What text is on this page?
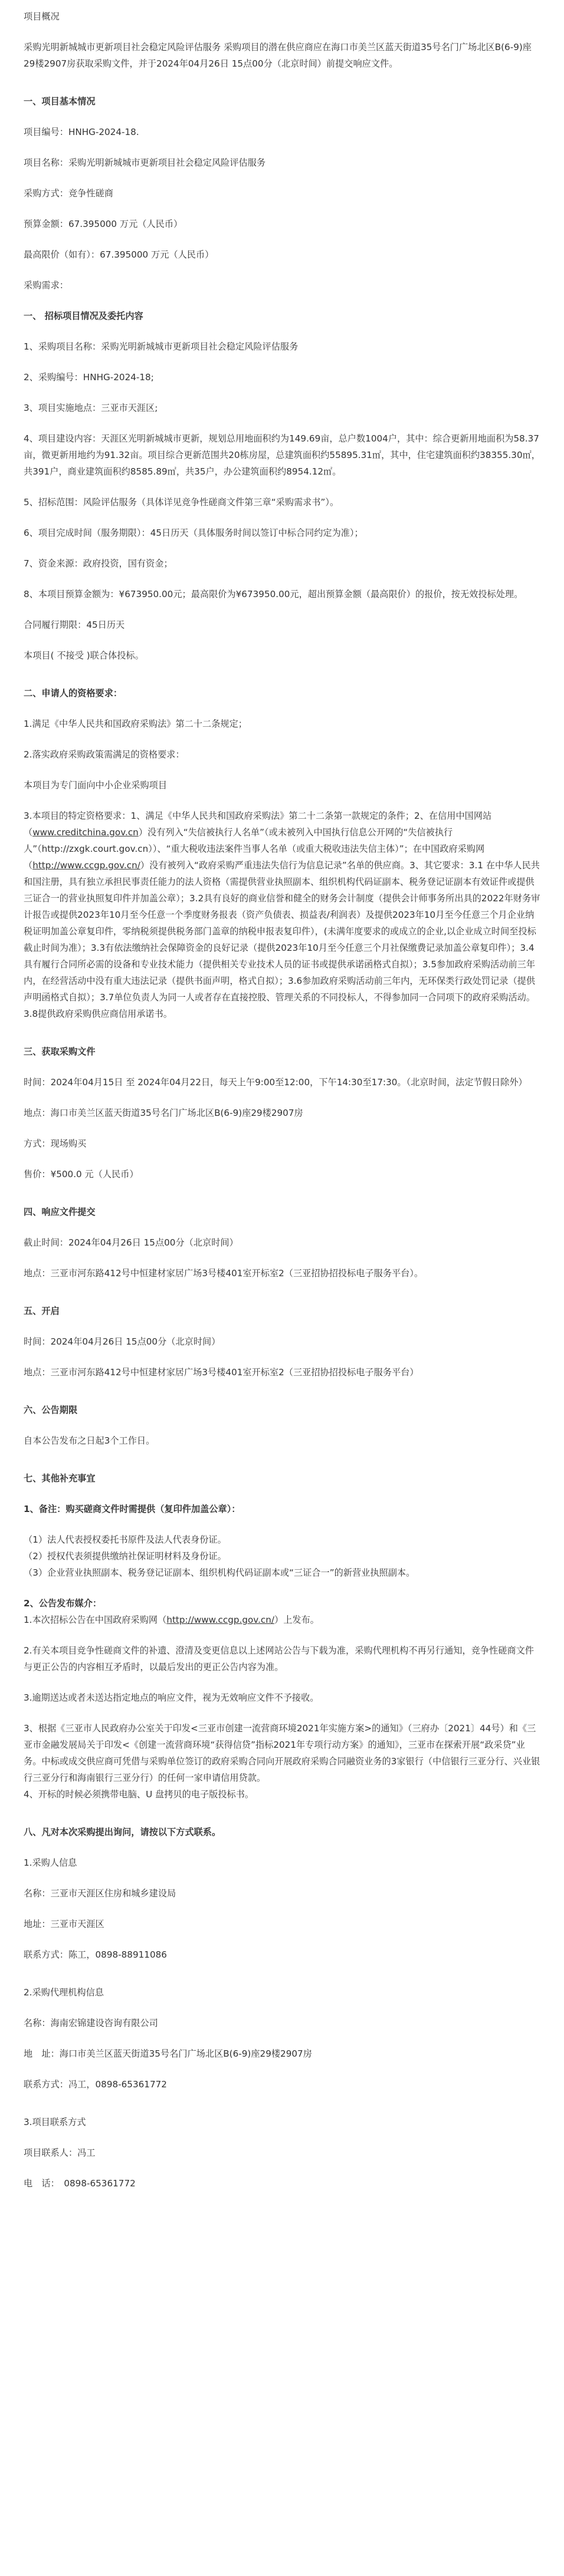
项目概况

采购光明新城城市更新项目社会稳定风险评估服务 采购项目的潜在供应商应在海口市美兰区蓝天街道35号名门广场北区B(6-9)座29楼2907房获取采购文件，并于2024年04月26日 15点00分（北京时间）前提交响应文件。

一、项目基本情况

项目编号：HNHG-2024-18.

项目名称：采购光明新城城市更新项目社会稳定风险评估服务

采购方式：竞争性磋商

预算金额：67.395000 万元（人民币）

最高限价（如有）：67.395000 万元（人民币）

采购需求：

一、 招标项目情况及委托内容

1、采购项目名称：采购光明新城城市更新项目社会稳定风险评估服务

2、采购编号：HNHG-2024-18;

3、项目实施地点：三亚市天涯区;

4、项目建设内容：天涯区光明新城城市更新，规划总用地面积约为149.69亩，总户数1004户，其中：综合更新用地面积为58.37亩，微更新用地约为91.32亩。项目综合更新范围共20栋房屋，总建筑面积约55895.31㎡，其中，住宅建筑面积约38355.30㎡，共391户，商业建筑面积约8585.89㎡，共35户，办公建筑面积约8954.12㎡。

5、招标范围：风险评估服务（具体详见竞争性磋商文件第三章“采购需求书”）。

6、项目完成时间（服务期限）：45日历天（具体服务时间以签订中标合同约定为准）；

7、资金来源：政府投资，国有资金；

8、本项目预算金额为：¥673950.00元；最高限价为¥673950.00元，超出预算金额（最高限价）的报价，按无效投标处理。

合同履行期限：45日历天

本项目( 不接受 )联合体投标。

二、申请人的资格要求：

1.满足《中华人民共和国政府采购法》第二十二条规定；

2.落实政府采购政策需满足的资格要求：

本项目为专门面向中小企业采购项目

3.本项目的特定资格要求：1、满足《中华人民共和国政府采购法》第二十二条第一款规定的条件；2、在信用中国网站（www.creditchina.gov.cn）没有列入“失信被执行人名单”（或未被列入中国执行信息公开网的“失信被执行人”（http://zxgk.court.gov.cn））、“重大税收违法案件当事人名单（或重大税收违法失信主体）”；在中国政府采购网（http://www.ccgp.gov.cn/）没有被列入“政府采购严重违法失信行为信息记录”名单的供应商。3、其它要求：3.1 在中华人民共和国注册，具有独立承担民事责任能力的法人资格（需提供营业执照副本、组织机构代码证副本、税务登记证副本有效证件或提供三证合一的营业执照复印件并加盖公章）；3.2具有良好的商业信誉和健全的财务会计制度（提供会计师事务所出具的2022年财务审计报告或提供2023年10月至今任意一个季度财务报表（资产负债表、损益表/利润表）及提供2023年10月至今任意三个月企业纳税证明加盖公章复印件，零纳税须提供税务部门盖章的纳税申报表复印件），(未满年度要求的或成立的企业,以企业成立时间至投标截止时间为准）；3.3有依法缴纳社会保障资金的良好记录（提供2023年10月至今任意三个月社保缴费记录加盖公章复印件）；3.4具有履行合同所必需的设备和专业技术能力（提供相关专业技术人员的证书或提供承诺函格式自拟）；3.5参加政府采购活动前三年内，在经营活动中没有重大违法记录（提供书面声明，格式自拟）；3.6参加政府采购活动前三年内，无环保类行政处罚记录（提供声明函格式自拟）；3.7单位负责人为同一人或者存在直接控股、管理关系的不同投标人，不得参加同一合同项下的政府采购活动。3.8提供政府采购供应商信用承诺书。

三、获取采购文件

时间：2024年04月15日 至 2024年04月22日，每天上午9:00至12:00，下午14:30至17:30。（北京时间，法定节假日除外）

地点：海口市美兰区蓝天街道35号名门广场北区B(6-9)座29楼2907房

方式：现场购买

售价：¥500.0 元（人民币）

四、响应文件提交

截止时间：2024年04月26日 15点00分（北京时间）

地点：三亚市河东路412号中恒建材家居广场3号楼401室开标室2（三亚招协招投标电子服务平台）。

五、开启

时间：2024年04月26日 15点00分（北京时间）

地点：三亚市河东路412号中恒建材家居广场3号楼401室开标室2（三亚招协招投标电子服务平台）

六、公告期限

自本公告发布之日起3个工作日。

七、其他补充事宜

1、备注：购买磋商文件时需提供（复印件加盖公章）：

（1）法人代表授权委托书原件及法人代表身份证。

（2）授权代表须提供缴纳社保证明材料及身份证。

（3）企业营业执照副本、税务登记证副本、组织机构代码证副本或“三证合一”的新营业执照副本。

2、公告发布媒介：

1.本次招标公告在中国政府采购网（http://www.ccgp.gov.cn/）上发布。

2.有关本项目竞争性磋商文件的补遗、澄清及变更信息以上述网站公告与下载为准，采购代理机构不再另行通知，竞争性磋商文件与更正公告的内容相互矛盾时，以最后发出的更正公告内容为准。

3.逾期送达或者未送达指定地点的响应文件，视为无效响应文件不予接收。

3、根据《三亚市人民政府办公室关于印发<三亚市创建一流营商环境2021年实施方案>的通知》（三府办〔2021〕44号）和《三亚市金融发展局关于印发<《创建一流营商环境“获得信贷”指标2021年专项行动方案》的通知》，三亚市在探索开展“政采贷”业务。中标或成交供应商可凭借与采购单位签订的政府采购合同向开展政府采购合同融资业务的3家银行（中信银行三亚分行、兴业银行三亚分行和海南银行三亚分行）的任何一家申请信用贷款。

4、开标的时候必须携带电脑、U 盘拷贝的电子版投标书。

八、凡对本次采购提出询问，请按以下方式联系。

1.采购人信息

名称：三亚市天涯区住房和城乡建设局

地址：三亚市天涯区

联系方式：陈工，0898-88911086

2.采购代理机构信息

名称：海南宏锦建设咨询有限公司

地　址：海口市美兰区蓝天街道35号名门广场北区B(6-9)座29楼2907房

联系方式：冯工，0898-65361772

3.项目联系方式

项目联系人：冯工

电　话：　0898-65361772
